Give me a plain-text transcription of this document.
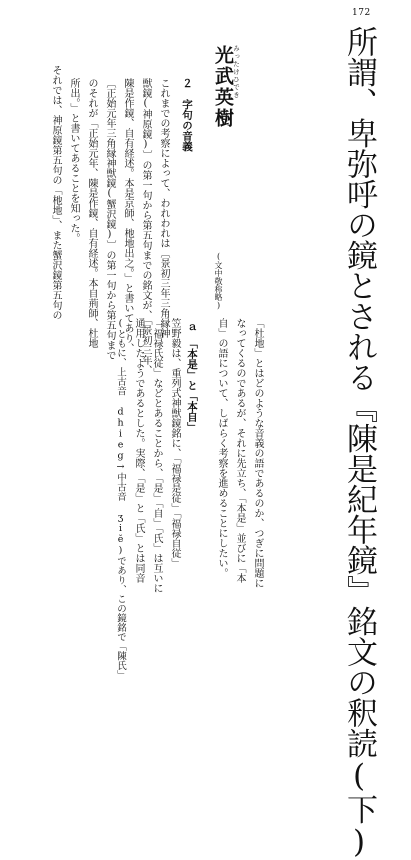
172
所謂、卑弥呼の鏡とされる『陳是紀年鏡』銘文の釈読(下)
みったけひでき
光武英樹
(文中敬称略)
２　字句の音義
これまでの考察によって、われわれは〔景初三年三角縁神
獣鏡(神原鏡)〕の第一句から第五句までの銘文が、「景初三年、
陳是作鏡、自有経述。本是京師、杝地出之。」と書いてあり、
〔正始元年三角縁神獣鏡(蟹沢鏡)〕の第一句から第五句まで
のそれが「正始元年、陳是作鏡、自有経述。本自荊師、杜地
所出。」と書いてあることを知った。
それでは、神原鏡第五句の「杝地」、また蟹沢鏡第五句の
「杜地」とはどのような音義の語であるのか、つぎに問題に
なってくるのであるが、それに先立ち、「本是」並びに「本
自」の語について、しばらく考察を進めることにしたい。
ａ　「本是」と「本自」
笠野毅は、重列式神獣鏡銘に、「福禄是従」「福禄自従」
「福禄氏従」などとあることから、「是」「自」「氏」は互いに
通用したようであるとした。実際、「是」と「氏」とは同音
(ともに、上古音 dhieg→中古音 ʒiĕ)であり、この鏡銘で「陳氏」
